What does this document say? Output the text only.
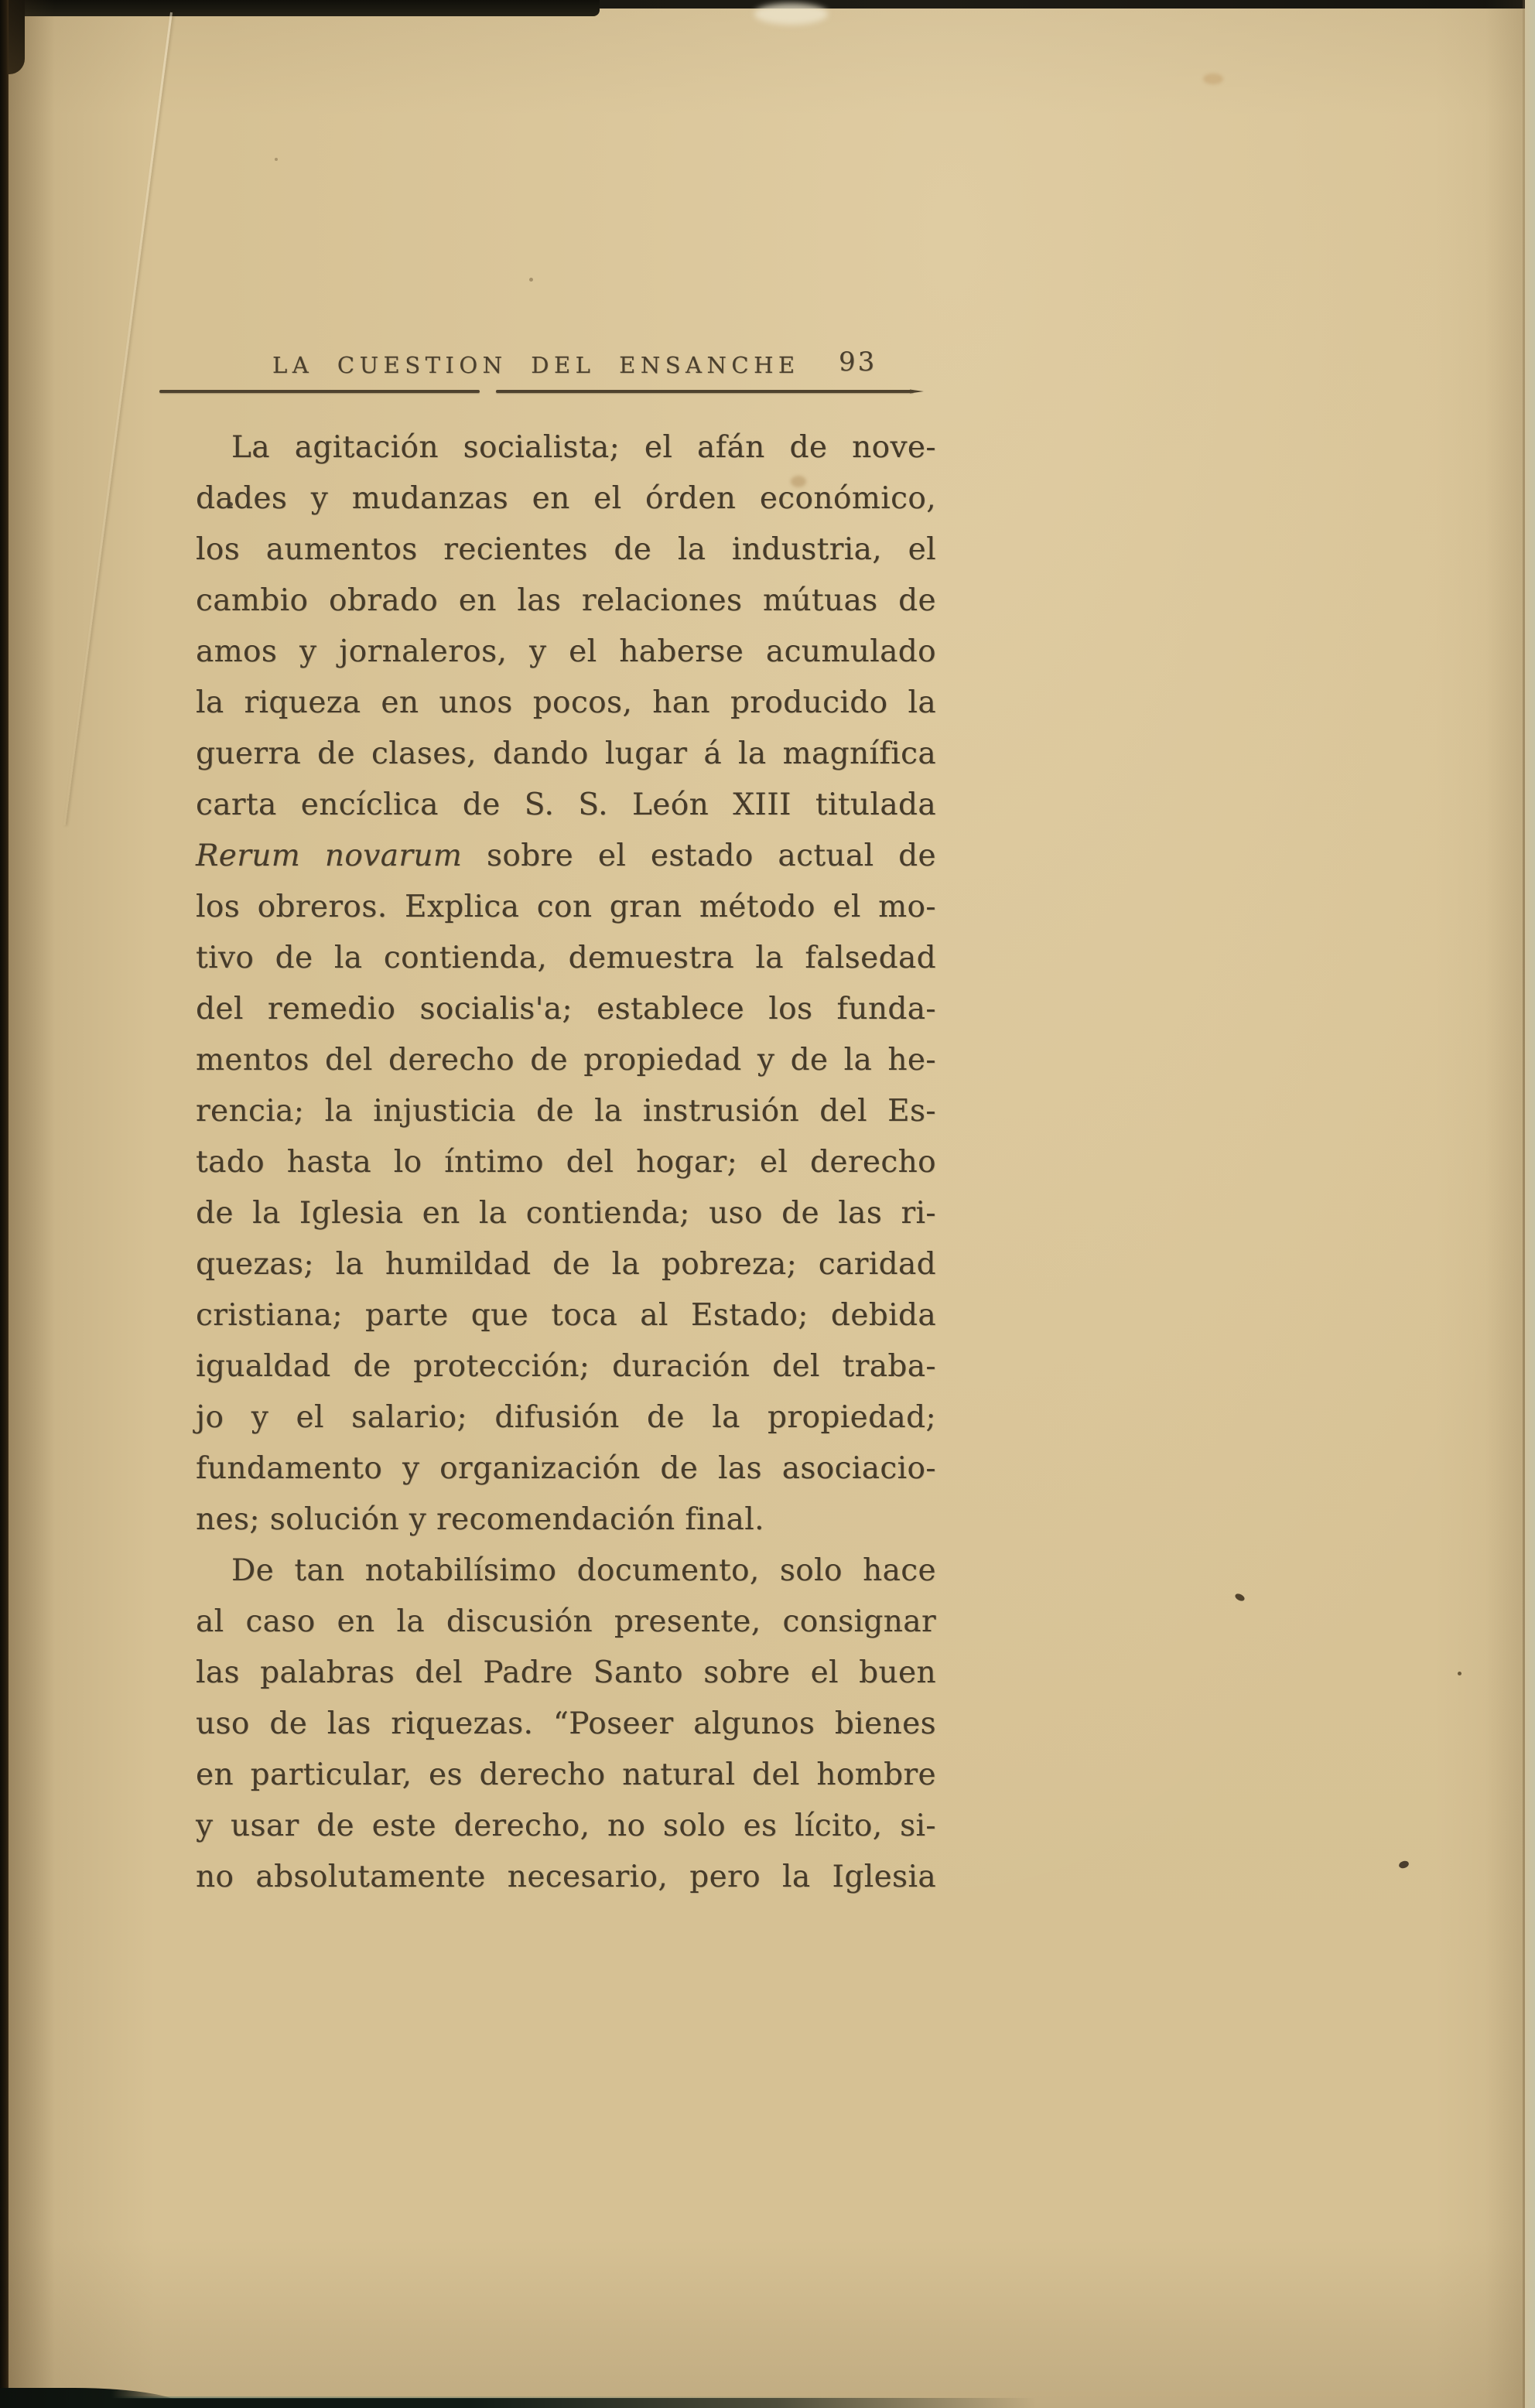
LA CUESTION DEL ENSANCHE 93
La agitación socialista; el afán de nove-
dades y mudanzas en el órden económico,
los aumentos recientes de la industria, el
cambio obrado en las relaciones mútuas de
amos y jornaleros, y el haberse acumulado
la riqueza en unos pocos, han producido la
guerra de clases, dando lugar á la magnífica
carta encíclica de S. S. León XIII titulada
Rerum novarum sobre el estado actual de
los obreros. Explica con gran método el mo-
tivo de la contienda, demuestra la falsedad
del remedio socialis'a; establece los funda-
mentos del derecho de propiedad y de la he-
rencia; la injusticia de la instrusión del Es-
tado hasta lo íntimo del hogar; el derecho
de la Iglesia en la contienda; uso de las ri-
quezas; la humildad de la pobreza; caridad
cristiana; parte que toca al Estado; debida
igualdad de protección; duración del traba-
jo y el salario; difusión de la propiedad;
fundamento y organización de las asociacio-
nes; solución y recomendación final.
De tan notabilísimo documento, solo hace
al caso en la discusión presente, consignar
las palabras del Padre Santo sobre el buen
uso de las riquezas. “Poseer algunos bienes
en particular, es derecho natural del hombre
y usar de este derecho, no solo es lícito, si-
no absolutamente necesario, pero la Iglesia
